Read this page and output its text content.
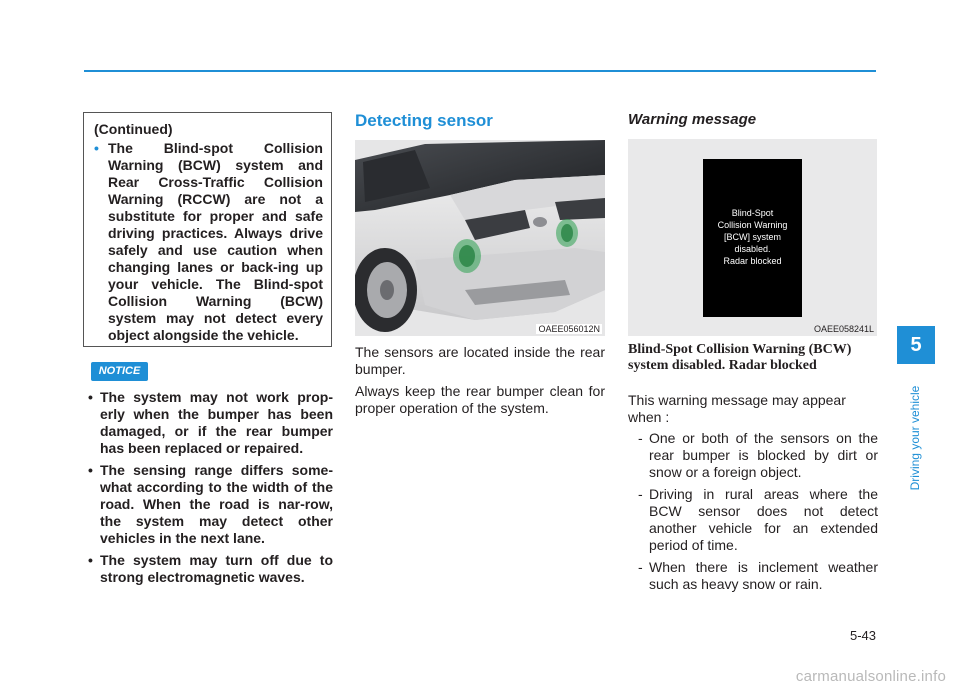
(Continued)

• The Blind-spot Collision Warning (BCW) system and Rear Cross-Traffic Collision Warning (RCCW) are not a substitute for proper and safe driving practices. Always drive safely and use caution when changing lanes or back-ing up your vehicle. The Blind-spot Collision Warning (BCW) system may not detect every object alongside the vehicle.

NOTICE
• The system may not work prop-erly when the bumper has been damaged, or if the rear bumper has been replaced or repaired.
• The sensing range differs some-what according to the width of the road. When the road is nar-row, the system may detect other vehicles in the next lane.
• The system may turn off due to strong electromagnetic waves.
Detecting sensor
OAEE056012N

The sensors are located inside the rear bumper.

Always keep the rear bumper clean for proper operation of the system.

Warning message
Blind-Spot
Collision Warning
[BCW] system
disabled.
Radar blocked
OAEE058241L

Blind-Spot Collision Warning (BCW) system disabled. Radar blocked

This warning message may appear when :

- One or both of the sensors on the rear bumper is blocked by dirt or snow or a foreign object.
- Driving in rural areas where the BCW sensor does not detect another vehicle for an extended period of time.
- When there is inclement weather such as heavy snow or rain.
5
Driving your vehicle
5-43
carmanualsonline.info
